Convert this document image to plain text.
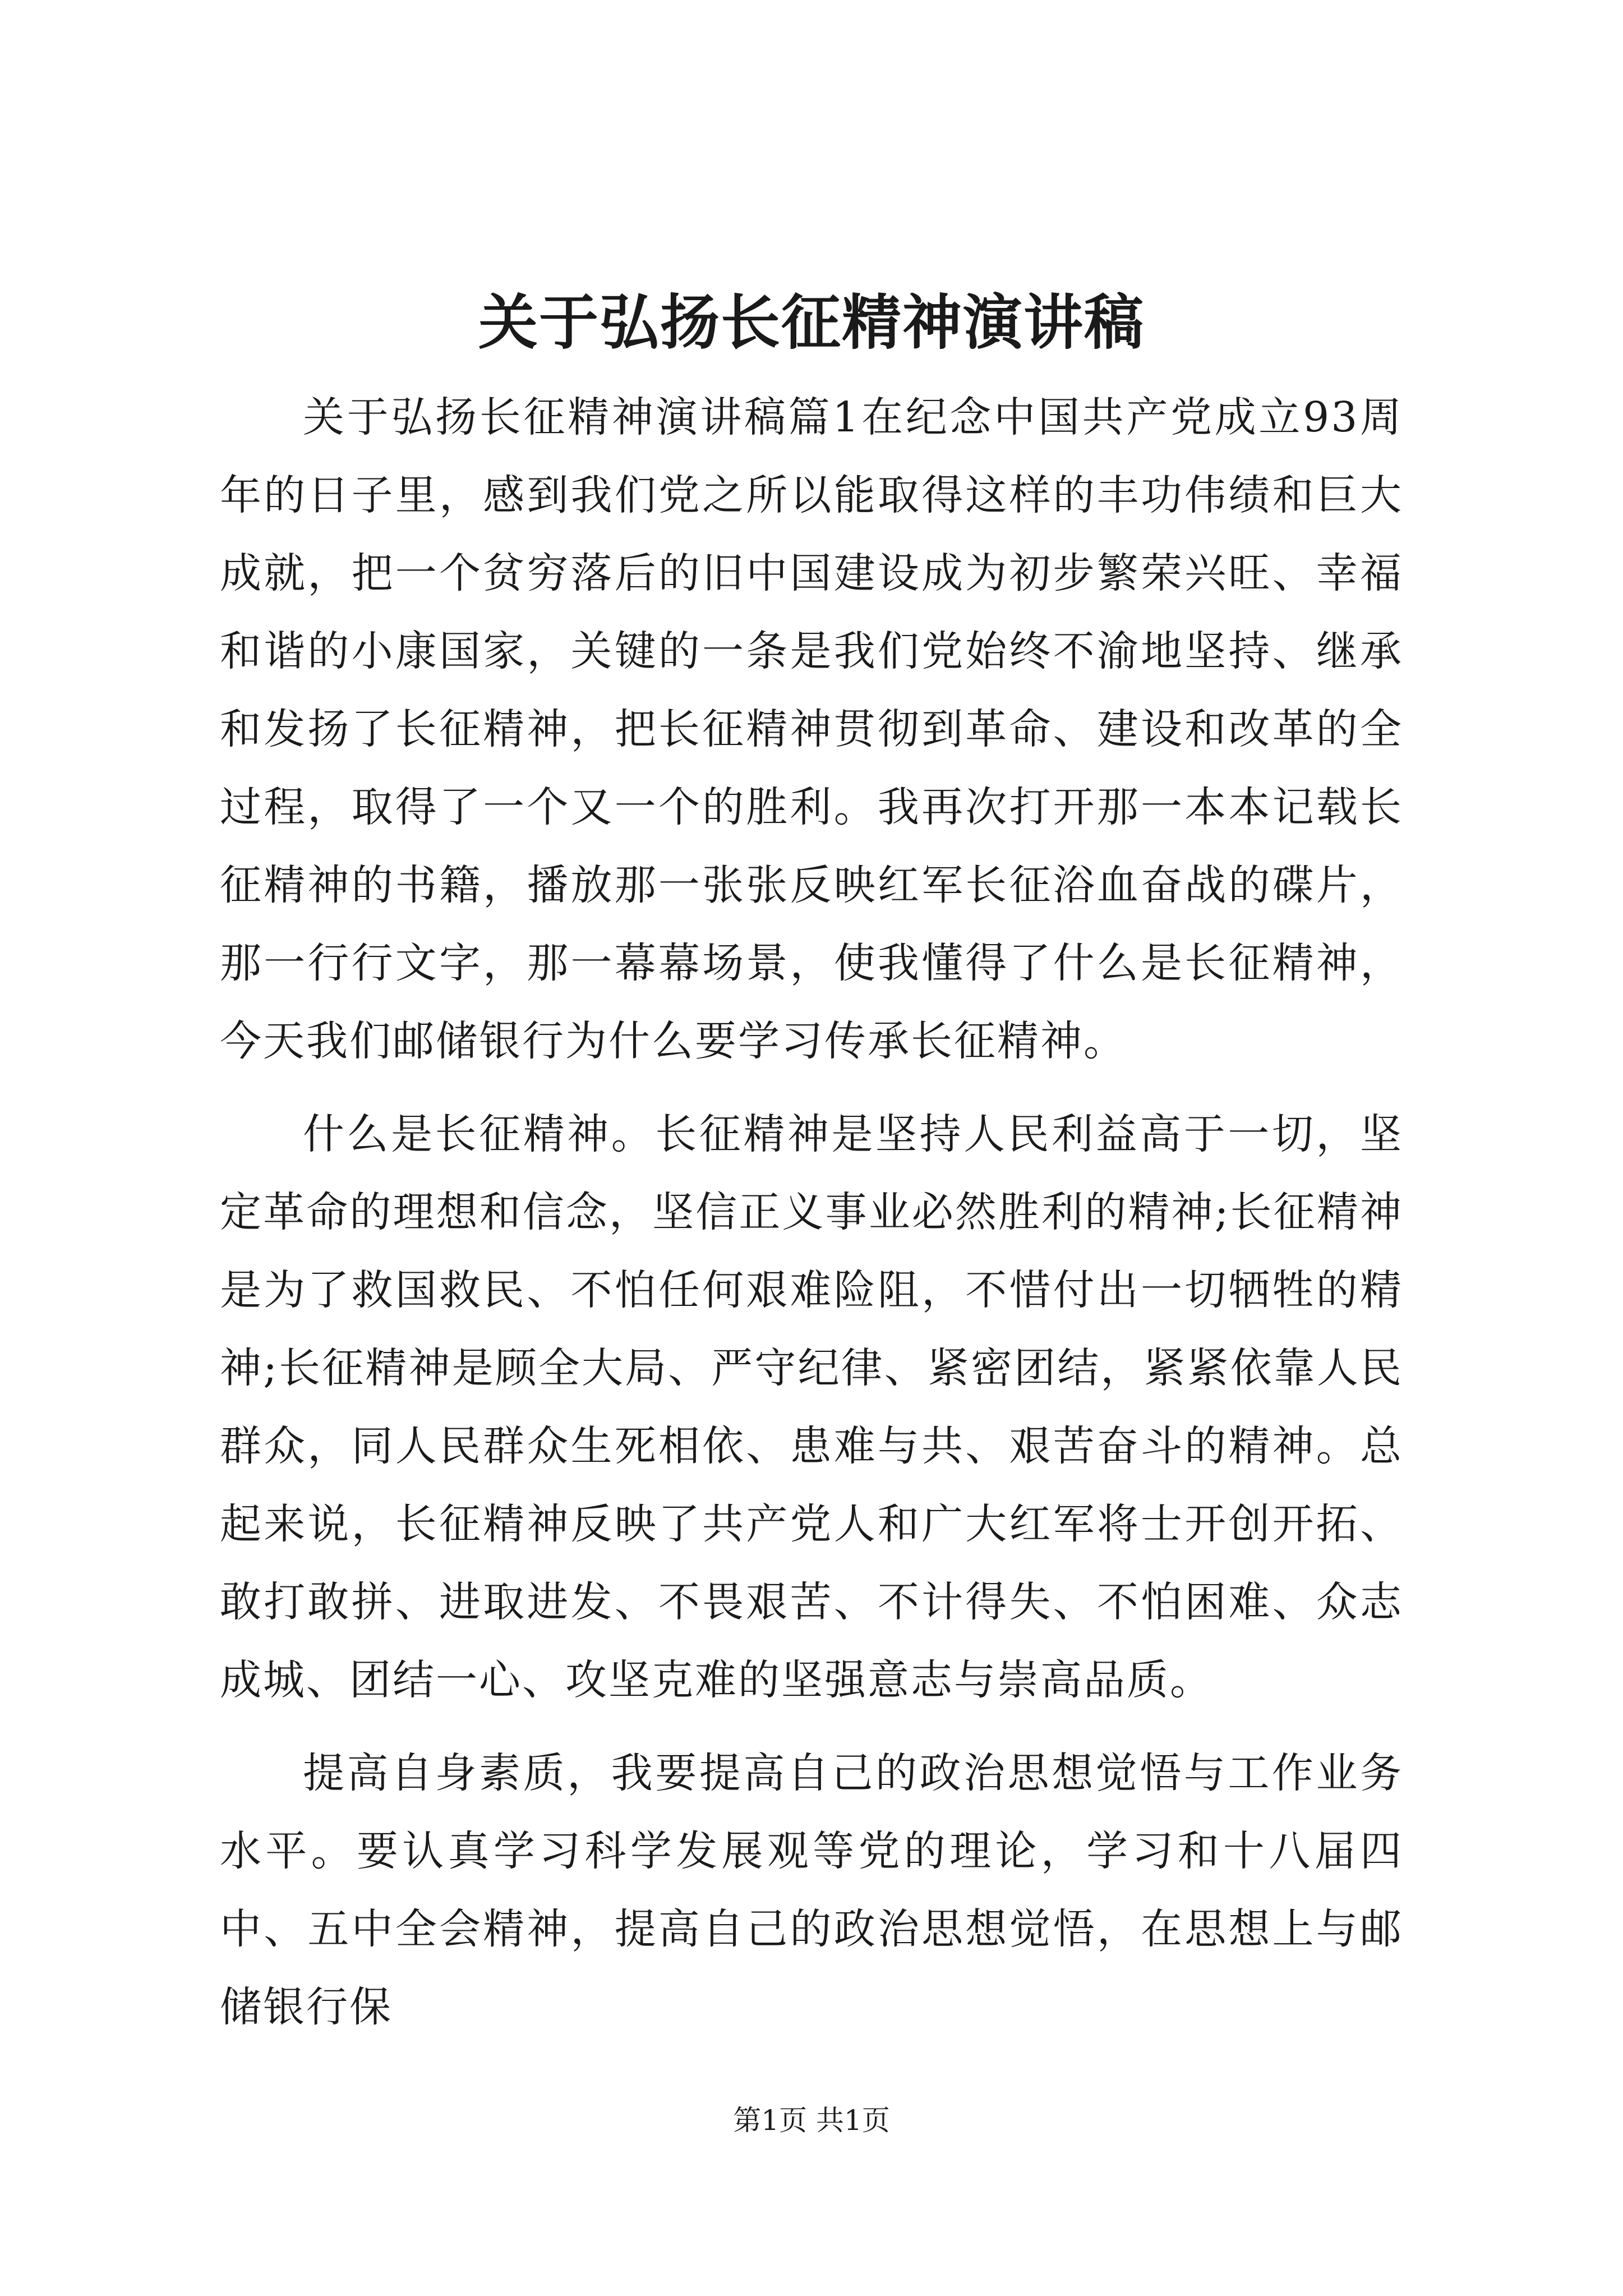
关于弘扬长征精神演讲稿

关于弘扬长征精神演讲稿篇1在纪念中国共产党成立93周年的日子里，感到我们党之所以能取得这样的丰功伟绩和巨大成就，把一个贫穷落后的旧中国建设成为初步繁荣兴旺、幸福和谐的小康国家，关键的一条是我们党始终不渝地坚持、继承和发扬了长征精神，把长征精神贯彻到革命、建设和改革的全过程，取得了一个又一个的胜利。我再次打开那一本本记载长征精神的书籍，播放那一张张反映红军长征浴血奋战的碟片，那一行行文字，那一幕幕场景，使我懂得了什么是长征精神，今天我们邮储银行为什么要学习传承长征精神。

什么是长征精神。长征精神是坚持人民利益高于一切，坚定革命的理想和信念，坚信正义事业必然胜利的精神;长征精神是为了救国救民、不怕任何艰难险阻，不惜付出一切牺牲的精神;长征精神是顾全大局、严守纪律、紧密团结，紧紧依靠人民群众，同人民群众生死相依、患难与共、艰苦奋斗的精神。总起来说，长征精神反映了共产党人和广大红军将士开创开拓、敢打敢拼、进取进发、不畏艰苦、不计得失、不怕困难、众志成城、团结一心、攻坚克难的坚强意志与崇高品质。

提高自身素质，我要提高自己的政治思想觉悟与工作业务水平。要认真学习科学发展观等党的理论，学习和十八届四中、五中全会精神，提高自己的政治思想觉悟，在思想上与邮储银行保

第1页 共1页
